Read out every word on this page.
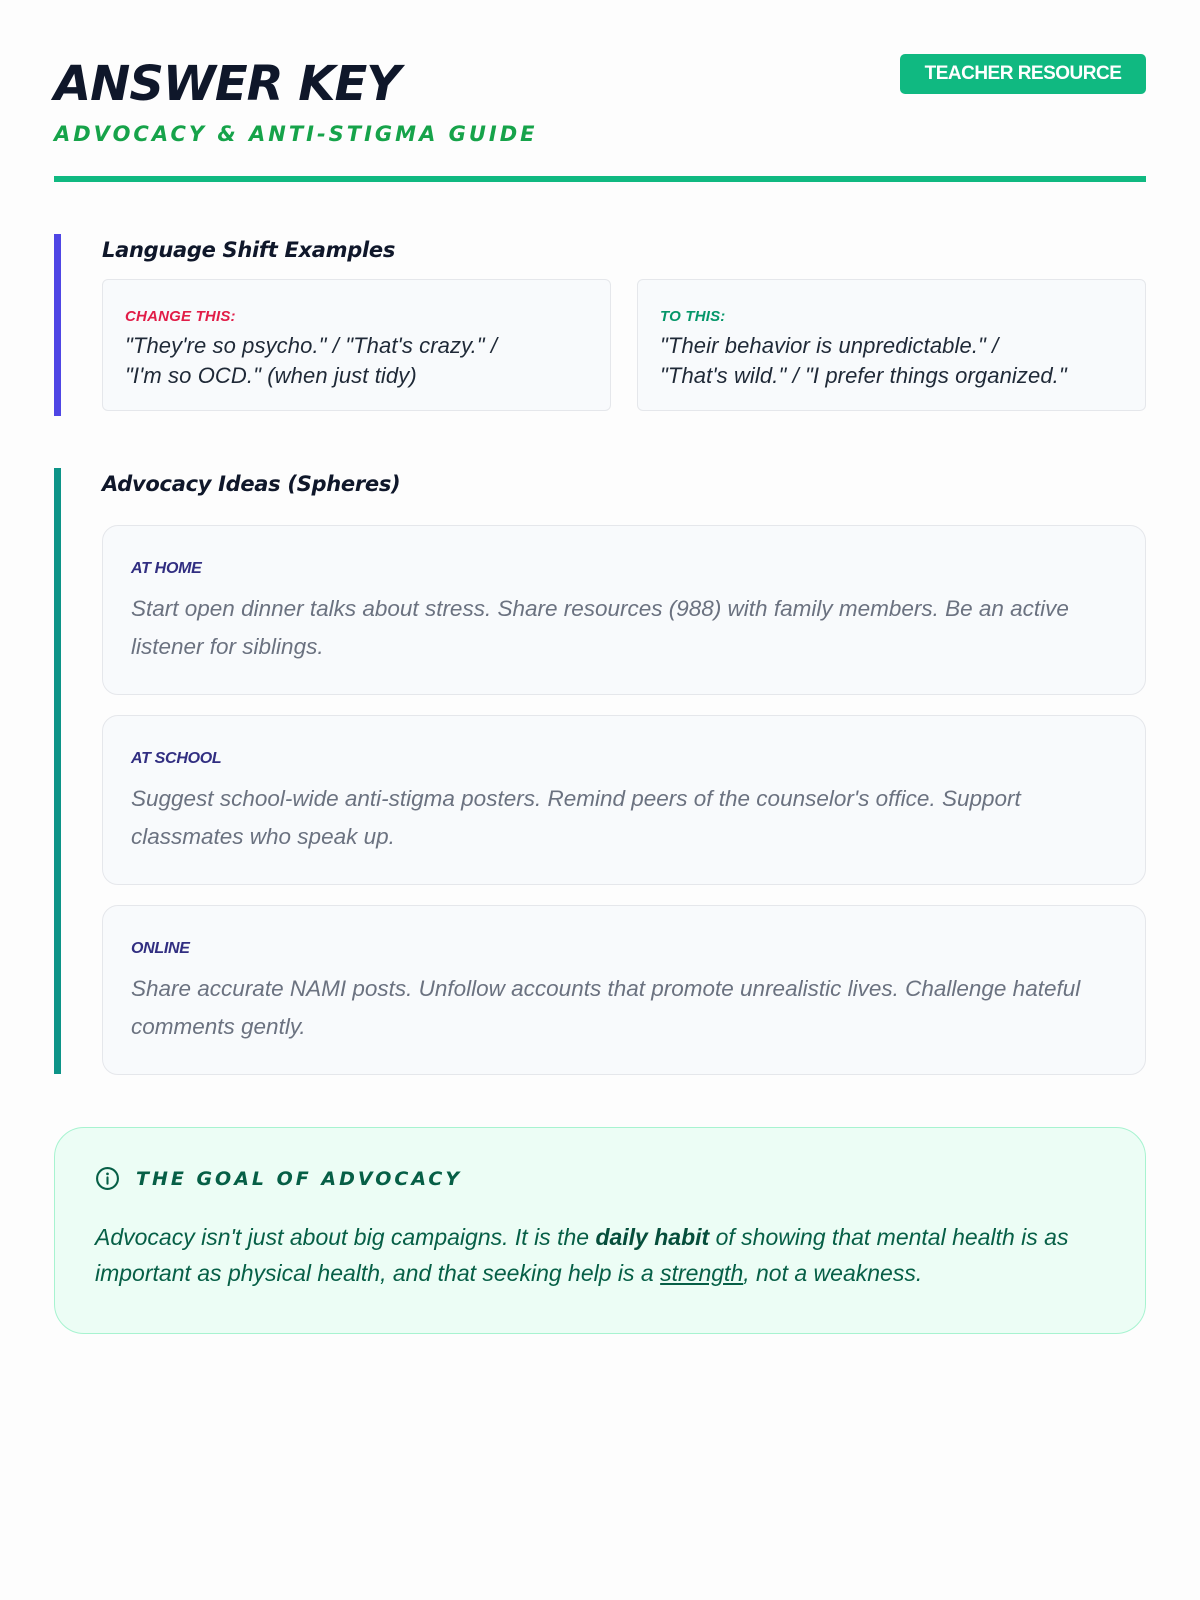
ANSWER KEY
ADVOCACY & ANTI-STIGMA GUIDE
TEACHER RESOURCE
Language Shift Examples
CHANGE THIS:
"They're so psycho." / "That's crazy." /
"I'm so OCD." (when just tidy)
TO THIS:
"Their behavior is unpredictable." /
"That's wild." / "I prefer things organized."
Advocacy Ideas (Spheres)
AT HOME
Start open dinner talks about stress. Share resources (988) with family members. Be an active listener for siblings.
AT SCHOOL
Suggest school-wide anti-stigma posters. Remind peers of the counselor's office. Support classmates who speak up.
ONLINE
Share accurate NAMI posts. Unfollow accounts that promote unrealistic lives. Challenge hateful comments gently.
THE GOAL OF ADVOCACY
Advocacy isn't just about big campaigns. It is the daily habit of showing that mental health is as important as physical health, and that seeking help is a strength, not a weakness.
